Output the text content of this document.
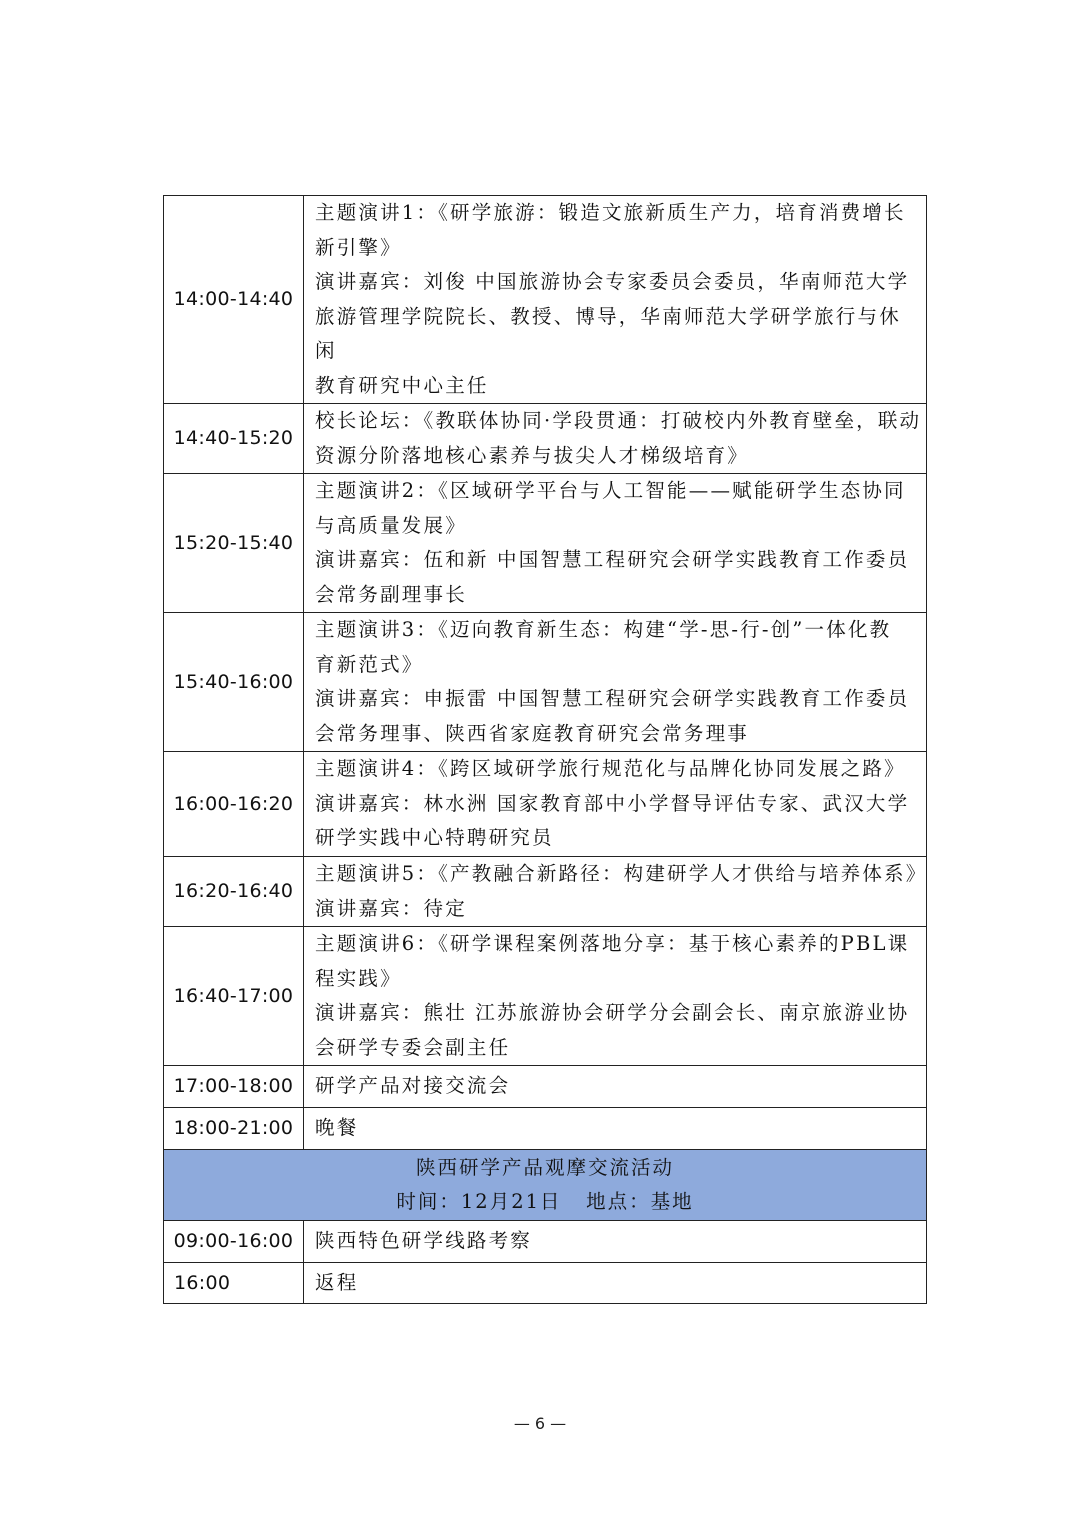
14:00-14:40	主题演讲1：《研学旅游：锻造文旅新质生产力，培育消费增长
新引擎》
演讲嘉宾：刘俊 中国旅游协会专家委员会委员，华南师范大学
旅游管理学院院长、教授、博导，华南师范大学研学旅行与休闲
教育研究中心主任

14:40-15:20	校长论坛：《教联体协同·学段贯通：打破校内外教育壁垒，联动
资源分阶落地核心素养与拔尖人才梯级培育》

15:20-15:40	主题演讲2：《区域研学平台与人工智能——赋能研学生态协同
与高质量发展》
演讲嘉宾：伍和新 中国智慧工程研究会研学实践教育工作委员
会常务副理事长

15:40-16:00	主题演讲3：《迈向教育新生态：构建“学-思-行-创”一体化教
育新范式》
演讲嘉宾：申振雷 中国智慧工程研究会研学实践教育工作委员
会常务理事、陕西省家庭教育研究会常务理事

16:00-16:20	主题演讲4：《跨区域研学旅行规范化与品牌化协同发展之路》
演讲嘉宾：林水洲 国家教育部中小学督导评估专家、武汉大学
研学实践中心特聘研究员

16:20-16:40	主题演讲5：《产教融合新路径：构建研学人才供给与培养体系》
演讲嘉宾：待定

16:40-17:00	主题演讲6：《研学课程案例落地分享：基于核心素养的PBL课
程实践》
演讲嘉宾：熊壮 江苏旅游协会研学分会副会长、南京旅游业协
会研学专委会副主任

17:00-18:00	研学产品对接交流会

18:00-21:00	晚餐

陕西研学产品观摩交流活动
时间：12月21日   地点：基地	

09:00-16:00	陕西特色研学线路考察

16:00	返程
— 6 —
